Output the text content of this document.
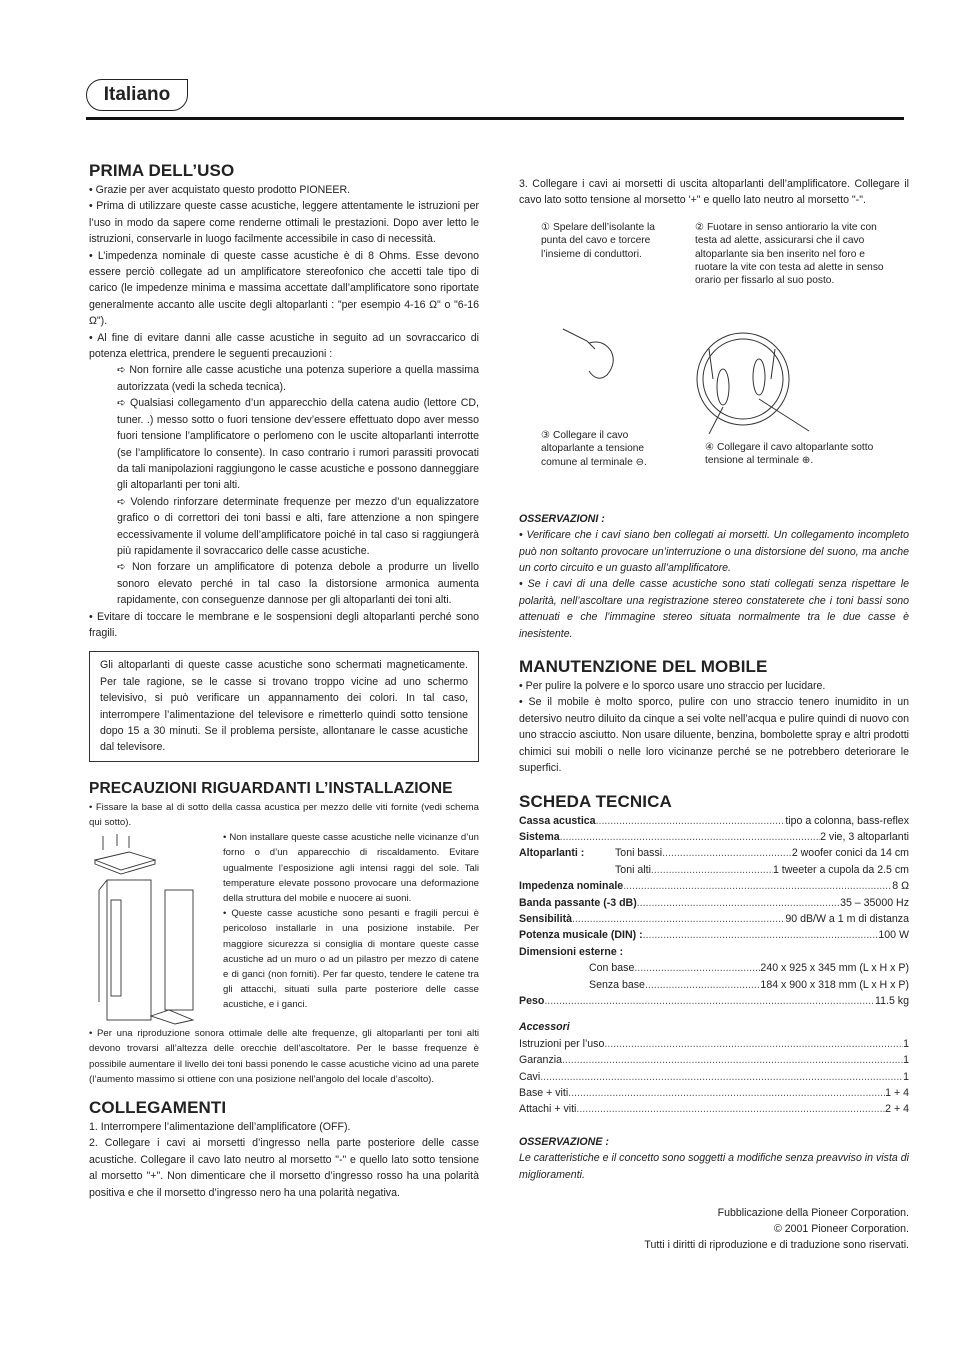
Italiano
PRIMA DELL’USO

• Grazie per aver acquistato questo prodotto PIONEER.

• Prima di utilizzare queste casse acustiche, leggere attentamente le istruzioni per l’uso in modo da sapere come renderne ottimali le prestazioni. Dopo aver letto le istruzioni, conservarle in luogo facilmente accessibile in caso di necessità.

• L’impedenza nominale di queste casse acustiche è di 8 Ohms. Esse devono essere perciò collegate ad un amplificatore stereofonico che accetti tale tipo di carico (le impedenze minima e massima accettate dall’amplificatore sono riportate generalmente accanto alle uscite degli altoparlanti : "per esempio 4-16 Ω" o "6-16 Ω").

• Al fine di evitare danni alle casse acustiche in seguito ad un sovraccarico di potenza elettrica, prendere le seguenti precauzioni :

➪ Non fornire alle casse acustiche una potenza superiore a quella massima autorizzata (vedi la scheda tecnica).

➪ Qualsiasi collegamento d’un apparecchio della catena audio (lettore CD, tuner. .) messo sotto o fuori tensione dev’essere effettuato dopo aver messo fuori tensione l’amplificatore o perlomeno con le uscite altoparlanti interrotte (se l’amplificatore lo consente). In caso contrario i rumori parassiti provocati da tali manipolazioni raggiungono le casse acustiche e possono danneggiare gli altoparlanti per toni alti.

➪ Volendo rinforzare determinate frequenze per mezzo d’un equalizzatore grafico o di correttori dei toni bassi e alti, fare attenzione a non spingere eccessivamente il volume dell’amplificatore poiché in tal caso si raggiungerà più rapidamente il sovraccarico delle casse acustiche.

➪ Non forzare un amplificatore di potenza debole a produrre un livello sonoro elevato perché in tal caso la distorsione armonica aumenta rapidamente, con conseguenze dannose per gli altoparlanti dei toni alti.

• Evitare di toccare le membrane e le sospensioni degli altoparlanti perché sono fragili.

Gli altoparlanti di queste casse acustiche sono schermati magneticamente. Per tale ragione, se le casse si trovano troppo vicine ad uno schermo televisivo, si può verificare un appannamento dei colori. In tal caso, interrompere l’alimentazione del televisore e rimetterlo quindi sotto tensione dopo 15 a 30 minuti. Se il problema persiste, allontanare le casse acustiche dal televisore.

PRECAUZIONI RIGUARDANTI L’INSTALLAZIONE

• Fissare la base al di sotto della cassa acustica per mezzo delle viti fornite (vedi schema qui sotto).

• Non installare queste casse acustiche nelle vicinanze d’un forno o d’un apparecchio di riscaldamento. Evitare ugualmente l’esposizione agli intensi raggi del sole. Tali temperature elevate possono provocare una deformazione della struttura del mobile e nuocere ai suoni.

• Queste casse acustiche sono pesanti e fragili percui è pericoloso installarle in una posizione instabile. Per maggiore sicurezza si consiglia di montare queste casse acustiche ad un muro o ad un pilastro per mezzo di catene e di ganci (non forniti). Per far questo, tendere le catene tra gli attacchi, situati sulla parte posteriore delle casse acustiche, e i ganci.

• Per una riproduzione sonora ottimale delle alte frequenze, gli altoparlanti per toni alti devono trovarsi all’altezza delle orecchie dell’ascoltatore. Per le basse frequenze è possibile aumentare il livello dei toni bassi ponendo le casse acustiche vicino ad una parete (l’aumento massimo si ottiene con una posizione nell’angolo del locale d’ascolto).

COLLEGAMENTI

1. Interrompere l’alimentazione dell’amplificatore (OFF).

2. Collegare i cavi ai morsetti d’ingresso nella parte posteriore delle casse acustiche. Collegare il cavo lato neutro al morsetto "-" e quello lato sotto tensione al morsetto "+". Non dimenticare che il morsetto d’ingresso rosso ha una polarità positiva e che il morsetto d’ingresso nero ha una polarità negativa.

3. Collegare i cavi ai morsetti di uscita altoparlanti dell’amplificatore. Collegare il cavo lato sotto tensione al morsetto '+" e quello lato neutro al morsetto "-".

① Spelare dell’isolante la punta del cavo e torcere l’insieme di conduttori.
② Fuotare in senso antiorario la vite con testa ad alette, assicurarsi che il cavo altoparlante sia ben inserito nel foro e ruotare la vite con testa ad alette in senso orario per fissarlo al suo posto.
③ Collegare il cavo altoparlante a tensione comune al terminale ⊖.
④ Collegare il cavo altoparlante sotto tensione al terminale ⊕.

OSSERVAZIONI :

• Verificare che i cavi siano ben collegati ai morsetti. Un collegamento incompleto può non soltanto provocare un’interruzione o una distorsione del suono, ma anche un corto circuito e un guasto all’amplificatore.

• Se i cavi di una delle casse acustiche sono stati collegati senza rispettare le polarità, nell’ascoltare una registrazione stereo constaterete che i toni bassi sono attenuati e che l’immagine stereo situata normalmente tra le due casse è inesistente.

MANUTENZIONE DEL MOBILE

• Per pulire la polvere e lo sporco usare uno straccio per lucidare.

• Se il mobile è molto sporco, pulire con uno straccio tenero inumidito in un detersivo neutro diluito da cinque a sei volte nell’acqua e pulire quindi di nuovo con uno straccio asciutto. Non usare diluente, benzina, bombolette spray e altri prodotti chimici sui mobili o nelle loro vicinanze perché se ne potrebbero deteriorare le superfici.

SCHEDA TECNICA
Cassa acustica .....	tipo a colonna, bass-reflex
Sistema .....	2 vie, 3 altoparlanti
Altoparlanti :	Toni bassi .....	2 woofer conici da 14 cm
Toni alti .....	1 tweeter a cupola da 2.5 cm
Impedenza nominale .....	8 Ω
Banda passante (-3 dB) .....	35 – 35000 Hz
Sensibilità .....	90 dB/W a 1 m di distanza
Potenza musicale (DIN) : .....	100 W
Dimensioni esterne :
Con base .....	240 x 925 x 345 mm (L x H x P)
Senza base .....	184 x 900 x 318 mm (L x H x P)
Peso .....	11.5 kg

Accessori

Istruzioni per l’uso .....	1
Garanzia .....	1
Cavi .....	1
Base + viti .....	1 + 4
Attachi + viti .....	2 + 4

OSSERVAZIONE :

Le caratteristiche e il concetto sono soggetti a modifiche senza preavviso in vista di miglioramenti.

Fubblicazione della Pioneer Corporation.
© 2001 Pioneer Corporation.
Tutti i diritti di riproduzione e di traduzione sono riservati.
